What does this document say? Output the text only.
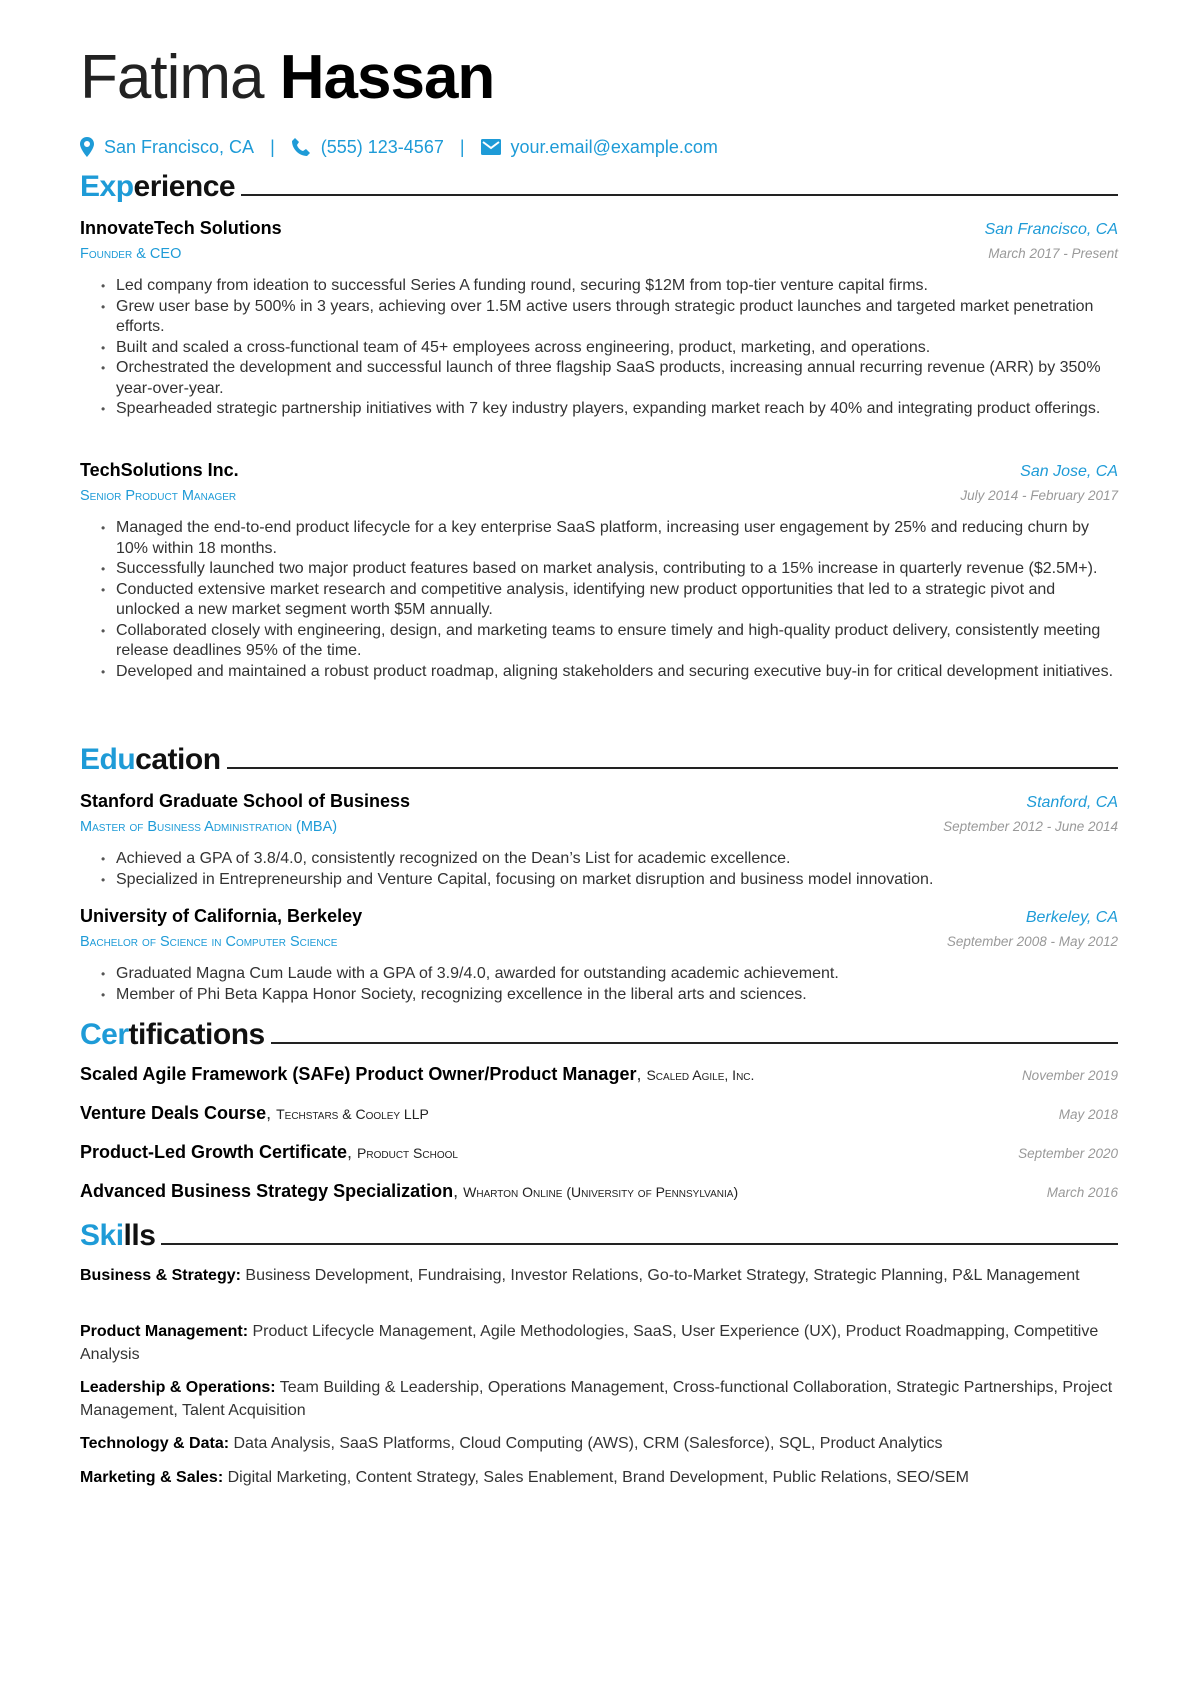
Fatima Hassan
San Francisco, CA |	(555) 123-4567 |	your.email@example.com
Experience
InnovateTech Solutions	San Francisco, CA
Founder & CEO	March 2017 - Present
• Led company from ideation to successful Series A funding round, securing $12M from top-tier venture capital firms.
• Grew user base by 500% in 3 years, achieving over 1.5M active users through strategic product launches and targeted market penetration efforts.
• Built and scaled a cross-functional team of 45+ employees across engineering, product, marketing, and operations.
• Orchestrated the development and successful launch of three flagship SaaS products, increasing annual recurring revenue (ARR) by 350% year-over-year.
• Spearheaded strategic partnership initiatives with 7 key industry players, expanding market reach by 40% and integrating product offerings.
TechSolutions Inc.	San Jose, CA
Senior Product Manager	July 2014 - February 2017
• Managed the end-to-end product lifecycle for a key enterprise SaaS platform, increasing user engagement by 25% and reducing churn by 10% within 18 months.
• Successfully launched two major product features based on market analysis, contributing to a 15% increase in quarterly revenue ($2.5M+).
• Conducted extensive market research and competitive analysis, identifying new product opportunities that led to a strategic pivot and unlocked a new market segment worth $5M annually.
• Collaborated closely with engineering, design, and marketing teams to ensure timely and high-quality product delivery, consistently meeting release deadlines 95% of the time.
• Developed and maintained a robust product roadmap, aligning stakeholders and securing executive buy-in for critical development initiatives.
Education
Stanford Graduate School of Business	Stanford, CA
Master of Business Administration (MBA)	September 2012 - June 2014
• Achieved a GPA of 3.8/4.0, consistently recognized on the Dean’s List for academic excellence.
• Specialized in Entrepreneurship and Venture Capital, focusing on market disruption and business model innovation.
University of California, Berkeley	Berkeley, CA
Bachelor of Science in Computer Science	September 2008 - May 2012
• Graduated Magna Cum Laude with a GPA of 3.9/4.0, awarded for outstanding academic achievement.
• Member of Phi Beta Kappa Honor Society, recognizing excellence in the liberal arts and sciences.
Certifications
Scaled Agile Framework (SAFe) Product Owner/Product Manager, Scaled Agile, Inc.	November 2019
Venture Deals Course, Techstars & Cooley LLP	May 2018
Product-Led Growth Certificate, Product School	September 2020
Advanced Business Strategy Specialization, Wharton Online (University of Pennsylvania)	March 2016
Skills
Business & Strategy: Business Development, Fundraising, Investor Relations, Go-to-Market Strategy, Strategic Planning, P&L Management
Product Management: Product Lifecycle Management, Agile Methodologies, SaaS, User Experience (UX), Product Roadmapping, Competitive Analysis
Leadership & Operations: Team Building & Leadership, Operations Management, Cross-functional Collaboration, Strategic Partnerships, Project Management, Talent Acquisition
Technology & Data: Data Analysis, SaaS Platforms, Cloud Computing (AWS), CRM (Salesforce), SQL, Product Analytics
Marketing & Sales: Digital Marketing, Content Strategy, Sales Enablement, Brand Development, Public Relations, SEO/SEM
